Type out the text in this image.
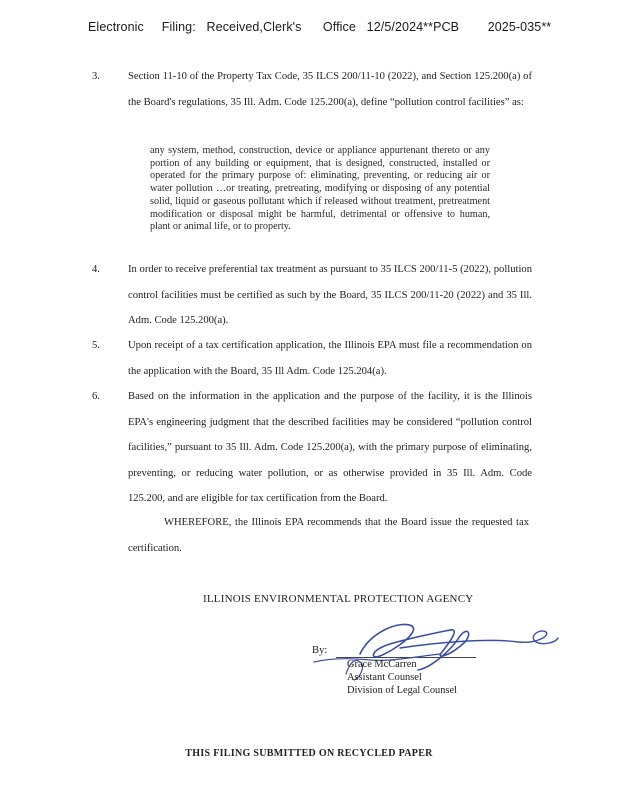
Electronic     Filing:   Received,Clerk's      Office   12/5/2024**PCB        2025-035**
3.	Section 11-10 of the Property Tax Code, 35 ILCS 200/11-10 (2022), and Section 125.200(a) of the Board's regulations, 35 Ill. Adm. Code 125.200(a), define “pollution control facilities” as:
any system, method, construction, device or appliance appurtenant thereto or any portion of any building or equipment, that is designed, constructed, installed or operated for the primary purpose of: eliminating, preventing, or reducing air or water pollution …or treating, pretreating, modifying or disposing of any potential solid, liquid or gaseous pollutant which if released without treatment, pretreatment modification or disposal might be harmful, detrimental or offensive to human, plant or animal life, or to property.
4.	In order to receive preferential tax treatment as pursuant to 35 ILCS 200/11-5 (2022), pollution control facilities must be certified as such by the Board, 35 ILCS 200/11-20 (2022) and 35 Ill. Adm. Code 125.200(a).
5.	Upon receipt of a tax certification application, the Illinois EPA must file a recommendation on the application with the Board, 35 Ill Adm. Code 125.204(a).
6.	Based on the information in the application and the purpose of the facility, it is the Illinois EPA's engineering judgment that the described facilities may be considered “pollution control facilities,” pursuant to 35 Ill. Adm. Code 125.200(a), with the primary purpose of eliminating, preventing, or reducing water pollution, or as otherwise provided in 35 Ill. Adm. Code 125.200, and are eligible for tax certification from the Board.
WHEREFORE, the Illinois EPA recommends that the Board issue the requested tax certification.
ILLINOIS ENVIRONMENTAL PROTECTION AGENCY
By:
Grace McCarren
Assistant Counsel
Division of Legal Counsel
THIS FILING SUBMITTED ON RECYCLED PAPER
